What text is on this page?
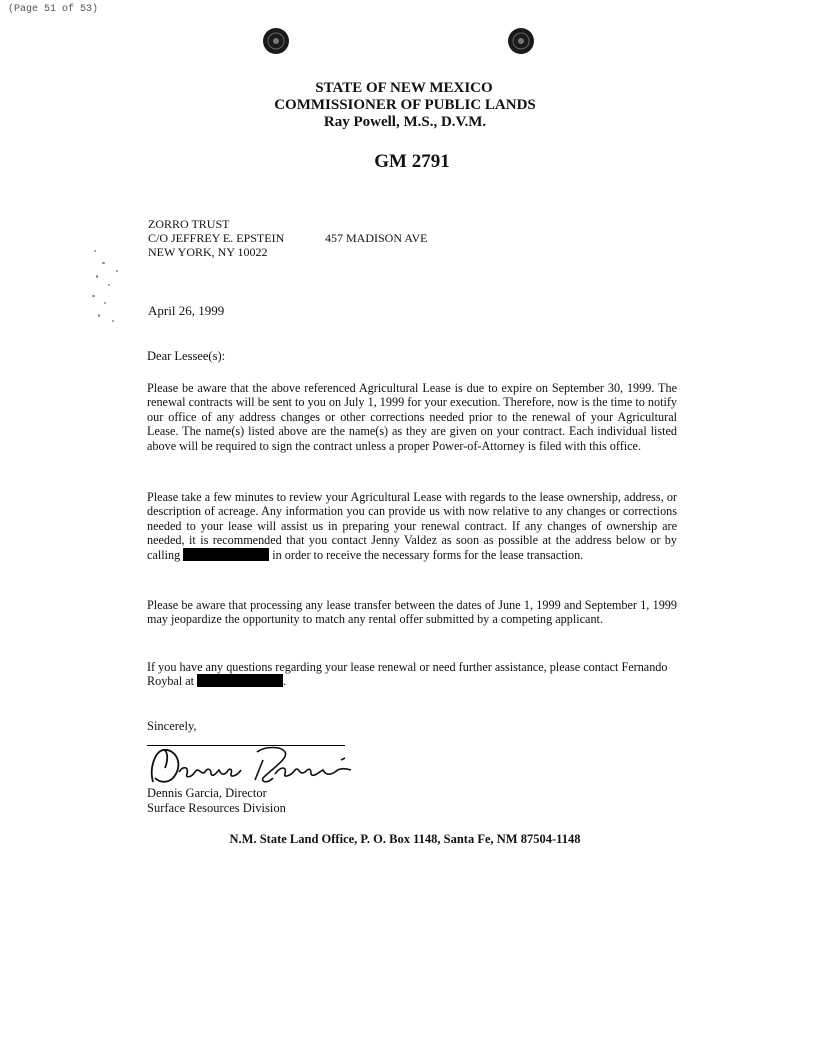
(Page 51 of 53)
STATE OF NEW MEXICO
COMMISSIONER OF PUBLIC LANDS
Ray Powell, M.S., D.V.M.
GM 2791
ZORRO TRUST
C/O JEFFREY E. EPSTEIN
NEW YORK, NY 10022
457 MADISON AVE
April 26, 1999
Dear Lessee(s):

Please be aware that the above referenced Agricultural Lease is due to expire on September 30, 1999. The renewal contracts will be sent to you on July 1, 1999 for your execution. Therefore, now is the time to notify our office of any address changes or other corrections needed prior to the renewal of your Agricultural Lease. The name(s) listed above are the name(s) as they are given on your contract. Each individual listed above will be required to sign the contract unless a proper Power-of-Attorney is filed with this office.

Please take a few minutes to review your Agricultural Lease with regards to the lease ownership, address, or description of acreage. Any information you can provide us with now relative to any changes or corrections needed to your lease will assist us in preparing your renewal contract. If any changes of ownership are needed, it is recommended that you contact Jenny Valdez as soon as possible at the address below or by calling	in order to receive the necessary forms for the lease transaction.

Please be aware that processing any lease transfer between the dates of June 1, 1999 and September 1, 1999 may jeopardize the opportunity to match any rental offer submitted by a competing applicant.

If you have any questions regarding your lease renewal or need further assistance, please contact Fernando Roybal at	.

Sincerely,
Dennis Garcia, Director
Surface Resources Division
N.M. State Land Office, P. O. Box 1148, Santa Fe, NM 87504-1148
